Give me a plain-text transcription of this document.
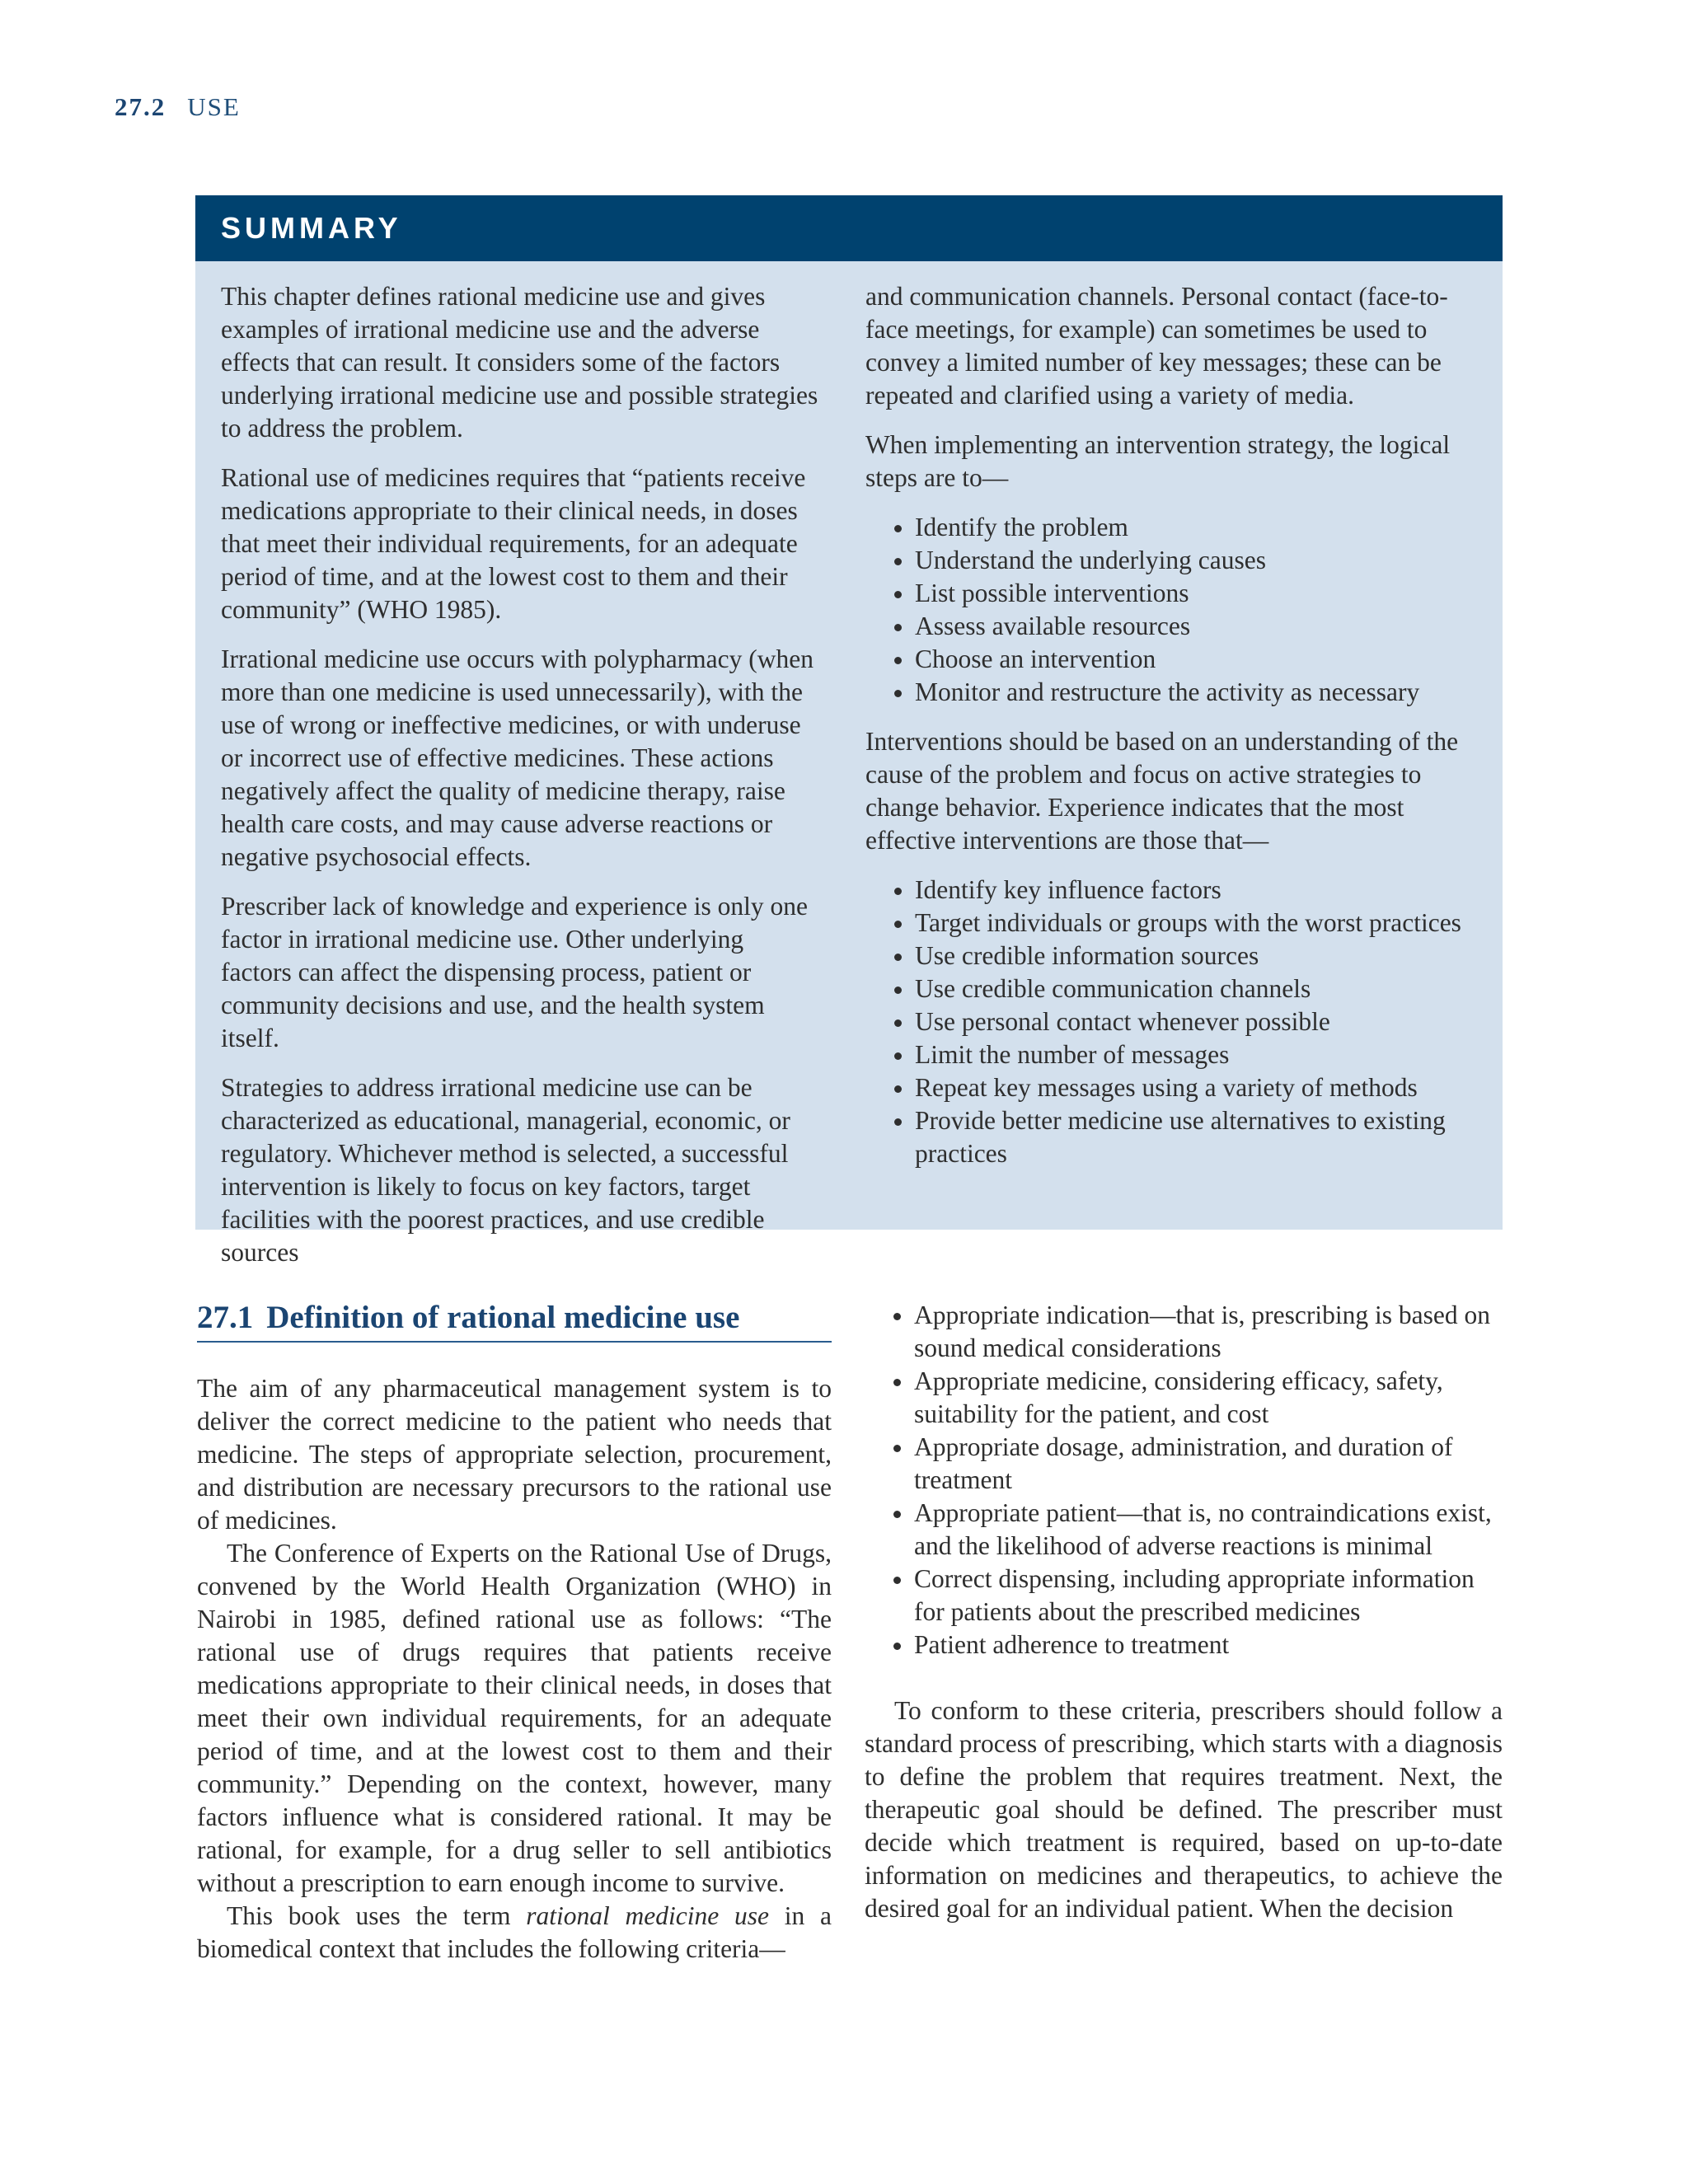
27.2 USE
SUMMARY

This chapter defines rational medicine use and gives examples of irrational medicine use and the adverse effects that can result. It considers some of the factors underlying irrational medicine use and possible strategies to address the problem.

Rational use of medicines requires that “patients receive medications appropriate to their clinical needs, in doses that meet their individual requirements, for an adequate period of time, and at the lowest cost to them and their community” (WHO 1985).

Irrational medicine use occurs with polypharmacy (when more than one medicine is used unnecessarily), with the use of wrong or ineffective medicines, or with underuse or incorrect use of effective medicines. These actions negatively affect the quality of medicine therapy, raise health care costs, and may cause adverse reactions or negative psychosocial effects.

Prescriber lack of knowledge and experience is only one factor in irrational medicine use. Other underlying factors can affect the dispensing process, patient or community decisions and use, and the health system itself.

Strategies to address irrational medicine use can be characterized as educational, managerial, economic, or regulatory. Whichever method is selected, a successful intervention is likely to focus on key factors, target facilities with the poorest practices, and use credible sources

and communication channels. Personal contact (face-to-face meetings, for example) can sometimes be used to convey a limited number of key messages; these can be repeated and clarified using a variety of media.

When implementing an intervention strategy, the logical steps are to—

• Identify the problem
• Understand the underlying causes
• List possible interventions
• Assess available resources
• Choose an intervention
• Monitor and restructure the activity as necessary

Interventions should be based on an understanding of the cause of the problem and focus on active strategies to change behavior. Experience indicates that the most effective interventions are those that—

• Identify key influence factors
• Target individuals or groups with the worst practices
• Use credible information sources
• Use credible communication channels
• Use personal contact whenever possible
• Limit the number of messages
• Repeat key messages using a variety of methods
• Provide better medicine use alternatives to existing practices
27.1 Definition of rational medicine use

The aim of any pharmaceutical management system is to deliver the correct medicine to the patient who needs that medicine. The steps of appropriate selection, procurement, and distribution are necessary precursors to the rational use of medicines.

The Conference of Experts on the Rational Use of Drugs, convened by the World Health Organization (WHO) in Nairobi in 1985, defined rational use as follows: “The rational use of drugs requires that patients receive medications appropriate to their clinical needs, in doses that meet their own individual requirements, for an adequate period of time, and at the lowest cost to them and their community.” Depending on the context, however, many factors influence what is considered rational. It may be rational, for example, for a drug seller to sell antibiotics without a prescription to earn enough income to survive.

This book uses the term rational medicine use in a biomedical context that includes the following criteria—

• Appropriate indication—that is, prescribing is based on sound medical considerations
• Appropriate medicine, considering efficacy, safety, suitability for the patient, and cost
• Appropriate dosage, administration, and duration of treatment
• Appropriate patient—that is, no contraindications exist, and the likelihood of adverse reactions is minimal
• Correct dispensing, including appropriate information for patients about the prescribed medicines
• Patient adherence to treatment

To conform to these criteria, prescribers should follow a standard process of prescribing, which starts with a diagnosis to define the problem that requires treatment. Next, the therapeutic goal should be defined. The prescriber must decide which treatment is required, based on up-to-date information on medicines and therapeutics, to achieve the desired goal for an individual patient. When the decision
